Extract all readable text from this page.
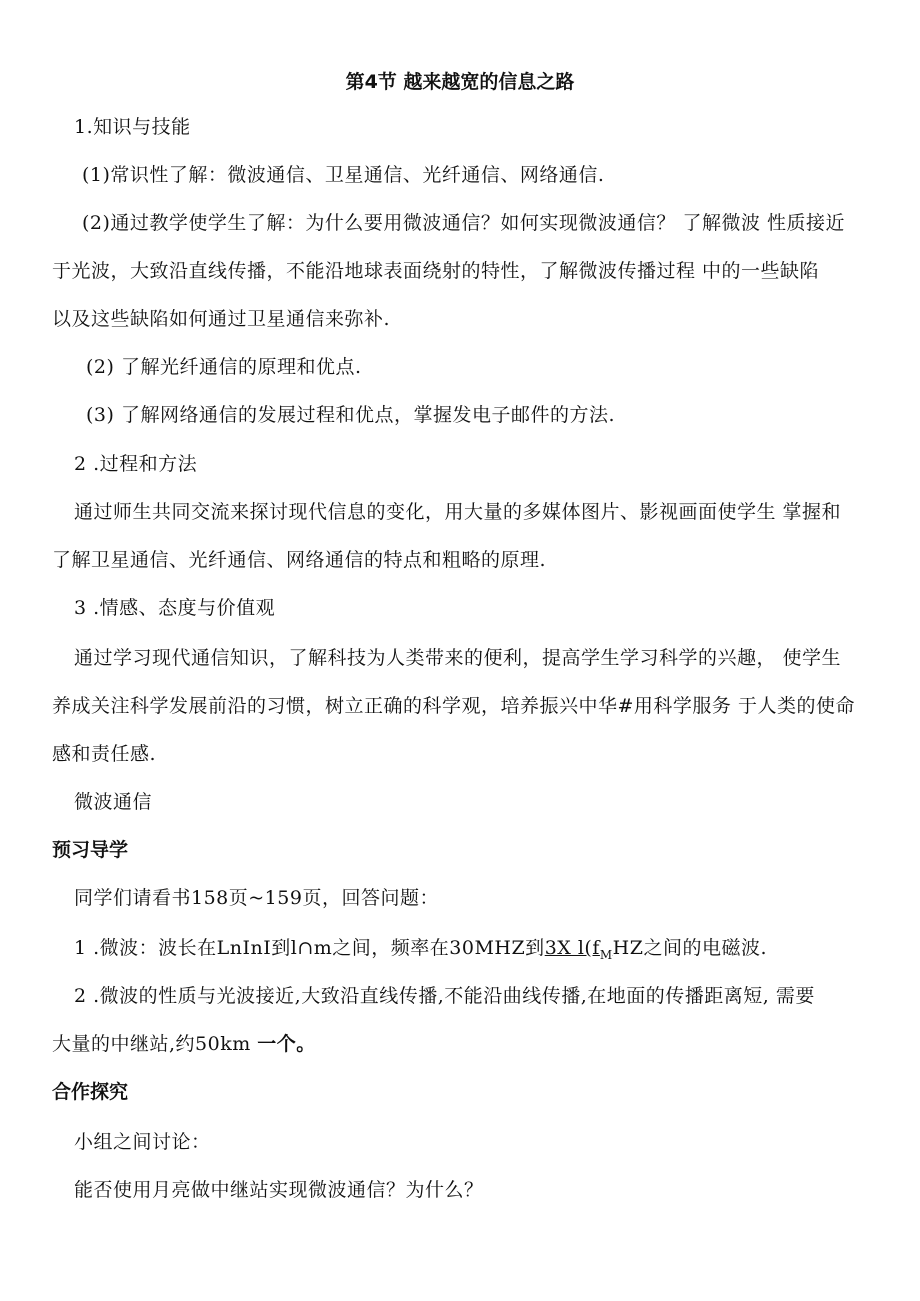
第4节 越来越宽的信息之路
1.知识与技能
(1)常识性了解：微波通信、卫星通信、光纤通信、网络通信.
(2)通过教学使学生了解：为什么要用微波通信？如何实现微波通信？ 了解微波 性质接近
于光波，大致沿直线传播，不能沿地球表面绕射的特性，了解微波传播过程 中的一些缺陷
以及这些缺陷如何通过卫星通信来弥补.
(2) 了解光纤通信的原理和优点.
(3) 了解网络通信的发展过程和优点，掌握发电子邮件的方法.
2 .过程和方法
通过师生共同交流来探讨现代信息的变化，用大量的多媒体图片、影视画面使学生 掌握和
了解卫星通信、光纤通信、网络通信的特点和粗略的原理.
3 .情感、态度与价值观
通过学习现代通信知识，了解科技为人类带来的便利，提高学生学习科学的兴趣， 使学生
养成关注科学发展前沿的习惯，树立正确的科学观，培养振兴中华#用科学服务 于人类的使命
感和责任感.
微波通信
预习导学
同学们请看书158页~159页，回答问题：
1 .微波：波长在LnInI到l∩m之间，频率在30MHZ到3X $l(f_MHZ$之间的电磁波.
2 .微波的性质与光波接近,大致沿直线传播,不能沿曲线传播,在地面的传播距离短, 需要
大量的中继站,约50km 一个。
合作探究
小组之间讨论：
能否使用月亮做中继站实现微波通信？为什么？
